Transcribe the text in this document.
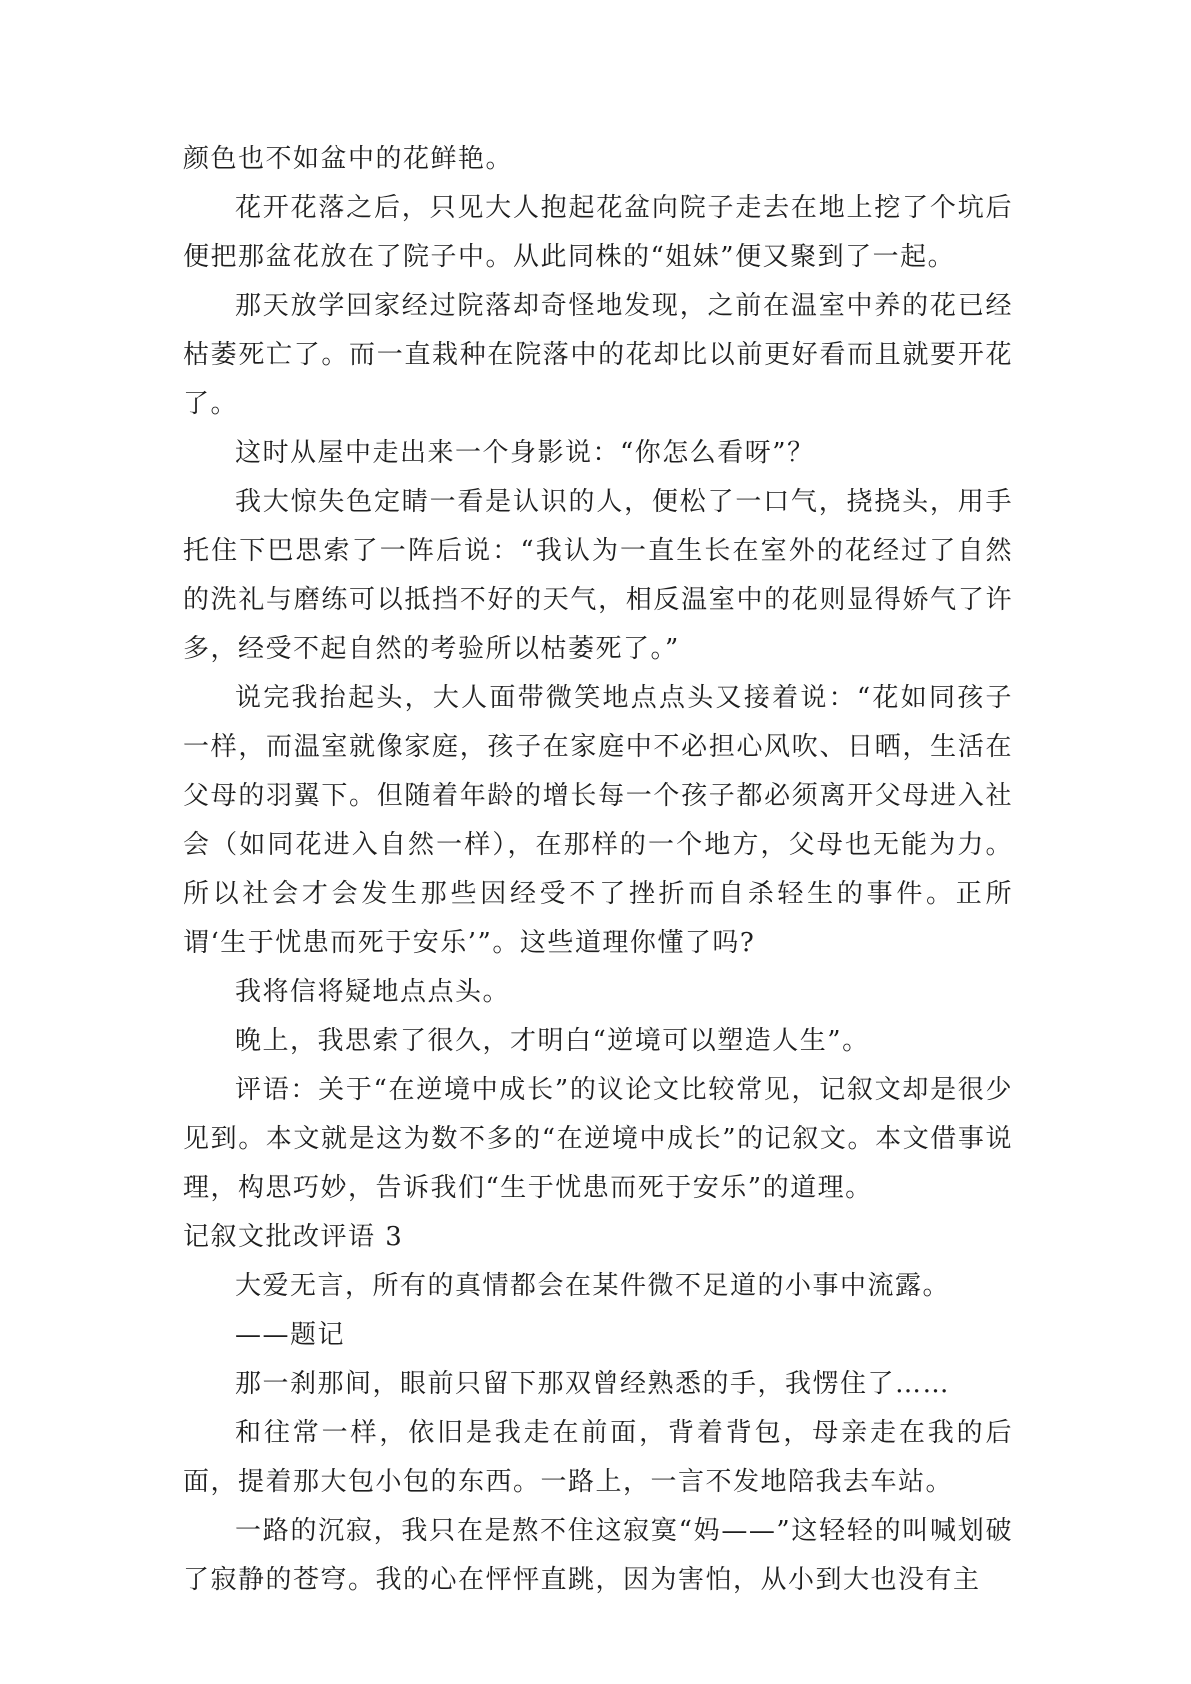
颜色也不如盆中的花鲜艳。

花开花落之后，只见大人抱起花盆向院子走去在地上挖了个坑后便把那盆花放在了院子中。从此同株的“姐妹”便又聚到了一起。

那天放学回家经过院落却奇怪地发现，之前在温室中养的花已经枯萎死亡了。而一直栽种在院落中的花却比以前更好看而且就要开花了。

这时从屋中走出来一个身影说：“你怎么看呀”？

我大惊失色定睛一看是认识的人，便松了一口气，挠挠头，用手托住下巴思索了一阵后说：“我认为一直生长在室外的花经过了自然的洗礼与磨练可以抵挡不好的天气，相反温室中的花则显得娇气了许多，经受不起自然的考验所以枯萎死了。”

说完我抬起头，大人面带微笑地点点头又接着说：“花如同孩子一样，而温室就像家庭，孩子在家庭中不必担心风吹、日晒，生活在父母的羽翼下。但随着年龄的增长每一个孩子都必须离开父母进入社会（如同花进入自然一样），在那样的一个地方，父母也无能为力。所以社会才会发生那些因经受不了挫折而自杀轻生的事件。正所谓‘生于忧患而死于安乐’”。这些道理你懂了吗?

我将信将疑地点点头。

晚上，我思索了很久，才明白“逆境可以塑造人生”。

评语：关于“在逆境中成长”的议论文比较常见，记叙文却是很少见到。本文就是这为数不多的“在逆境中成长”的记叙文。本文借事说理，构思巧妙，告诉我们“生于忧患而死于安乐”的道理。

记叙文批改评语 3

大爱无言，所有的真情都会在某件微不足道的小事中流露。

——题记

那一刹那间，眼前只留下那双曾经熟悉的手，我愣住了……

和往常一样，依旧是我走在前面，背着背包，母亲走在我的后面，提着那大包小包的东西。一路上，一言不发地陪我去车站。

一路的沉寂，我只在是熬不住这寂寞“妈——”这轻轻的叫喊划破了寂静的苍穹。我的心在怦怦直跳，因为害怕，从小到大也没有主
